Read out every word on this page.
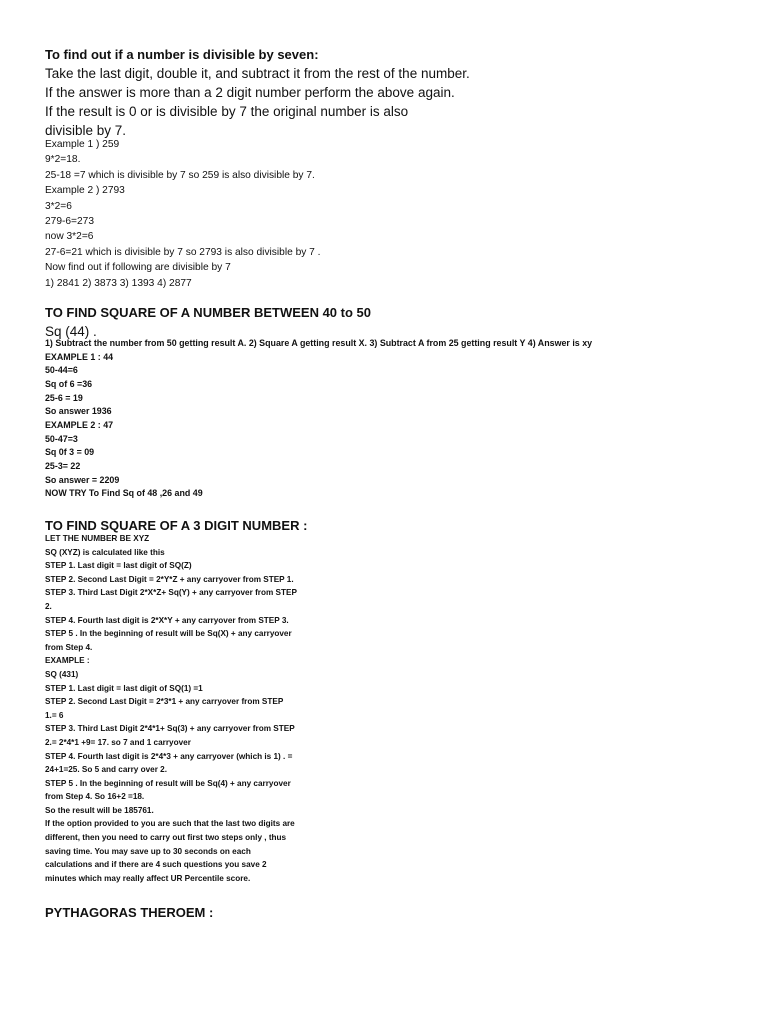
To find out if a number is divisible by seven:
Take the last digit, double it, and subtract it from the rest of the number.
If the answer is more than a 2 digit number perform the above again.
If the result is 0 or is divisible by 7 the original number is also
divisible by 7.
Example 1 ) 259
9*2=18.
25-18 =7 which is divisible by 7 so 259 is also divisible by 7.
Example 2 ) 2793
3*2=6
279-6=273
now 3*2=6
27-6=21 which is divisible by 7 so 2793 is also divisible by 7 .
Now find out if following are divisible by 7
1) 2841 2) 3873 3) 1393 4) 2877
TO FIND SQUARE OF A NUMBER BETWEEN 40 to 50
Sq (44) .
1) Subtract the number from 50 getting result A. 2) Square A getting result X. 3) Subtract A from 25 getting result Y 4) Answer is xy
EXAMPLE 1 : 44
50-44=6
Sq of 6 =36
25-6 = 19
So answer 1936
EXAMPLE 2 : 47
50-47=3
Sq 0f 3 = 09
25-3= 22
So answer = 2209
NOW TRY To Find Sq of 48 ,26 and 49
TO FIND SQUARE OF A 3 DIGIT NUMBER :
LET THE NUMBER BE XYZ
SQ (XYZ) is calculated like this
STEP 1. Last digit = last digit of SQ(Z)
STEP 2. Second Last Digit = 2*Y*Z + any carryover from STEP 1.
STEP 3. Third Last Digit 2*X*Z+ Sq(Y) + any carryover from STEP
2.
STEP 4. Fourth last digit is 2*X*Y + any carryover from STEP 3.
STEP 5 . In the beginning of result will be Sq(X) + any carryover
from Step 4.
EXAMPLE :
SQ (431)
STEP 1. Last digit = last digit of SQ(1) =1
STEP 2. Second Last Digit = 2*3*1 + any carryover from STEP
1.= 6
STEP 3. Third Last Digit 2*4*1+ Sq(3) + any carryover from STEP
2.= 2*4*1 +9= 17. so 7 and 1 carryover
STEP 4. Fourth last digit is 2*4*3 + any carryover (which is 1) . =
24+1=25. So 5 and carry over 2.
STEP 5 . In the beginning of result will be Sq(4) + any carryover
from Step 4. So 16+2 =18.
So the result will be 185761.
If the option provided to you are such that the last two digits are
different, then you need to carry out first two steps only , thus
saving time. You may save up to 30 seconds on each
calculations and if there are 4 such questions you save 2
minutes which may really affect UR Percentile score.
PYTHAGORAS THEROEM :
